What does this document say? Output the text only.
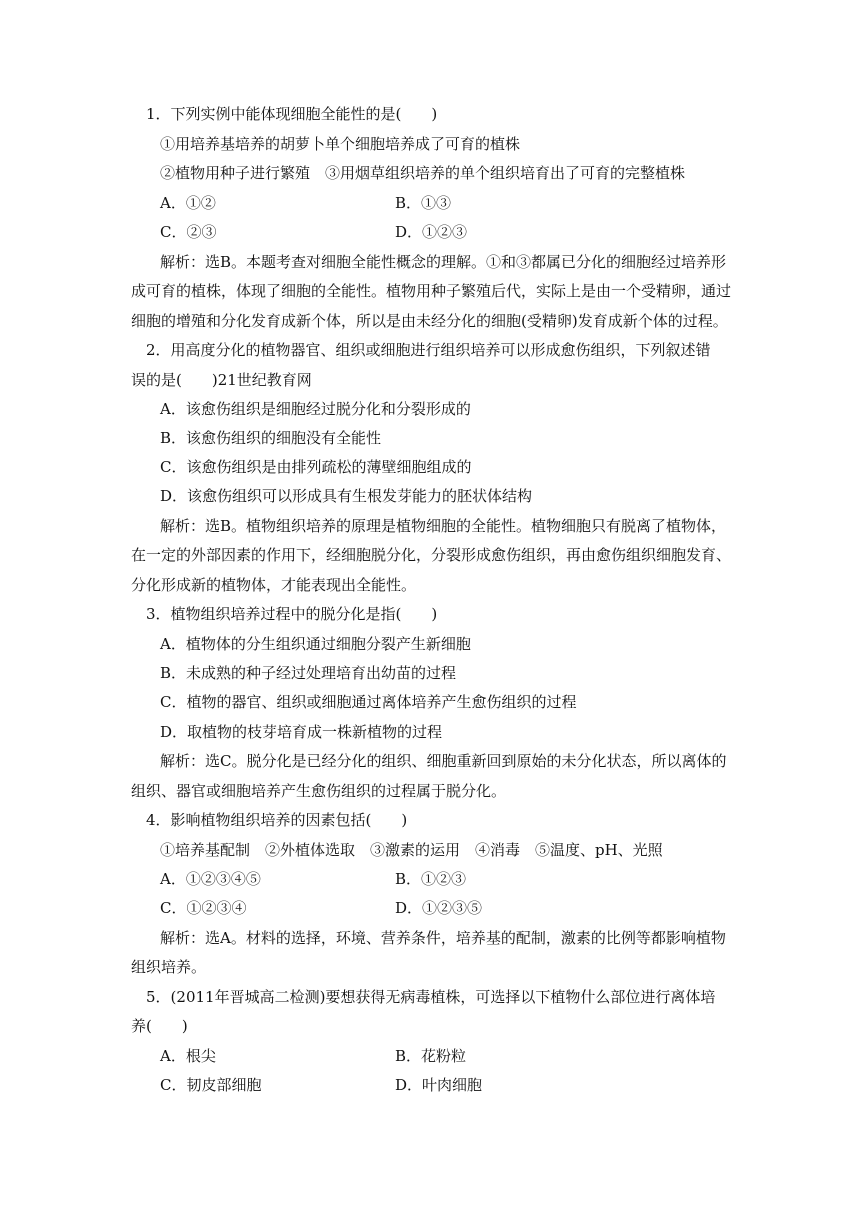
1．下列实例中能体现细胞全能性的是(　　)
①用培养基培养的胡萝卜单个细胞培养成了可育的植株
②植物用种子进行繁殖　③用烟草组织培养的单个组织培育出了可育的完整植株
A．①②	B．①③
C．②③	D．①②③
解析：选B。本题考查对细胞全能性概念的理解。①和③都属已分化的细胞经过培养形
成可育的植株，体现了细胞的全能性。植物用种子繁殖后代，实际上是由一个受精卵，通过
细胞的增殖和分化发育成新个体，所以是由未经分化的细胞(受精卵)发育成新个体的过程。
2．用高度分化的植物器官、组织或细胞进行组织培养可以形成愈伤组织，下列叙述错
误的是(　　)21世纪教育网
A．该愈伤组织是细胞经过脱分化和分裂形成的
B．该愈伤组织的细胞没有全能性
C．该愈伤组织是由排列疏松的薄壁细胞组成的
D．该愈伤组织可以形成具有生根发芽能力的胚状体结构
解析：选B。植物组织培养的原理是植物细胞的全能性。植物细胞只有脱离了植物体，
在一定的外部因素的作用下，经细胞脱分化，分裂形成愈伤组织，再由愈伤组织细胞发育、
分化形成新的植物体，才能表现出全能性。
3．植物组织培养过程中的脱分化是指(　　)
A．植物体的分生组织通过细胞分裂产生新细胞
B．未成熟的种子经过处理培育出幼苗的过程
C．植物的器官、组织或细胞通过离体培养产生愈伤组织的过程
D．取植物的枝芽培育成一株新植物的过程
解析：选C。脱分化是已经分化的组织、细胞重新回到原始的未分化状态，所以离体的
组织、器官或细胞培养产生愈伤组织的过程属于脱分化。
4．影响植物组织培养的因素包括(　　)
①培养基配制　②外植体选取　③激素的运用　④消毒　⑤温度、pH、光照
A．①②③④⑤	B．①②③
C．①②③④	D．①②③⑤
解析：选A。材料的选择，环境、营养条件，培养基的配制，激素的比例等都影响植物
组织培养。
5．(2011年晋城高二检测)要想获得无病毒植株，可选择以下植物什么部位进行离体培
养(　　)
A．根尖	B．花粉粒
C．韧皮部细胞	D．叶肉细胞
